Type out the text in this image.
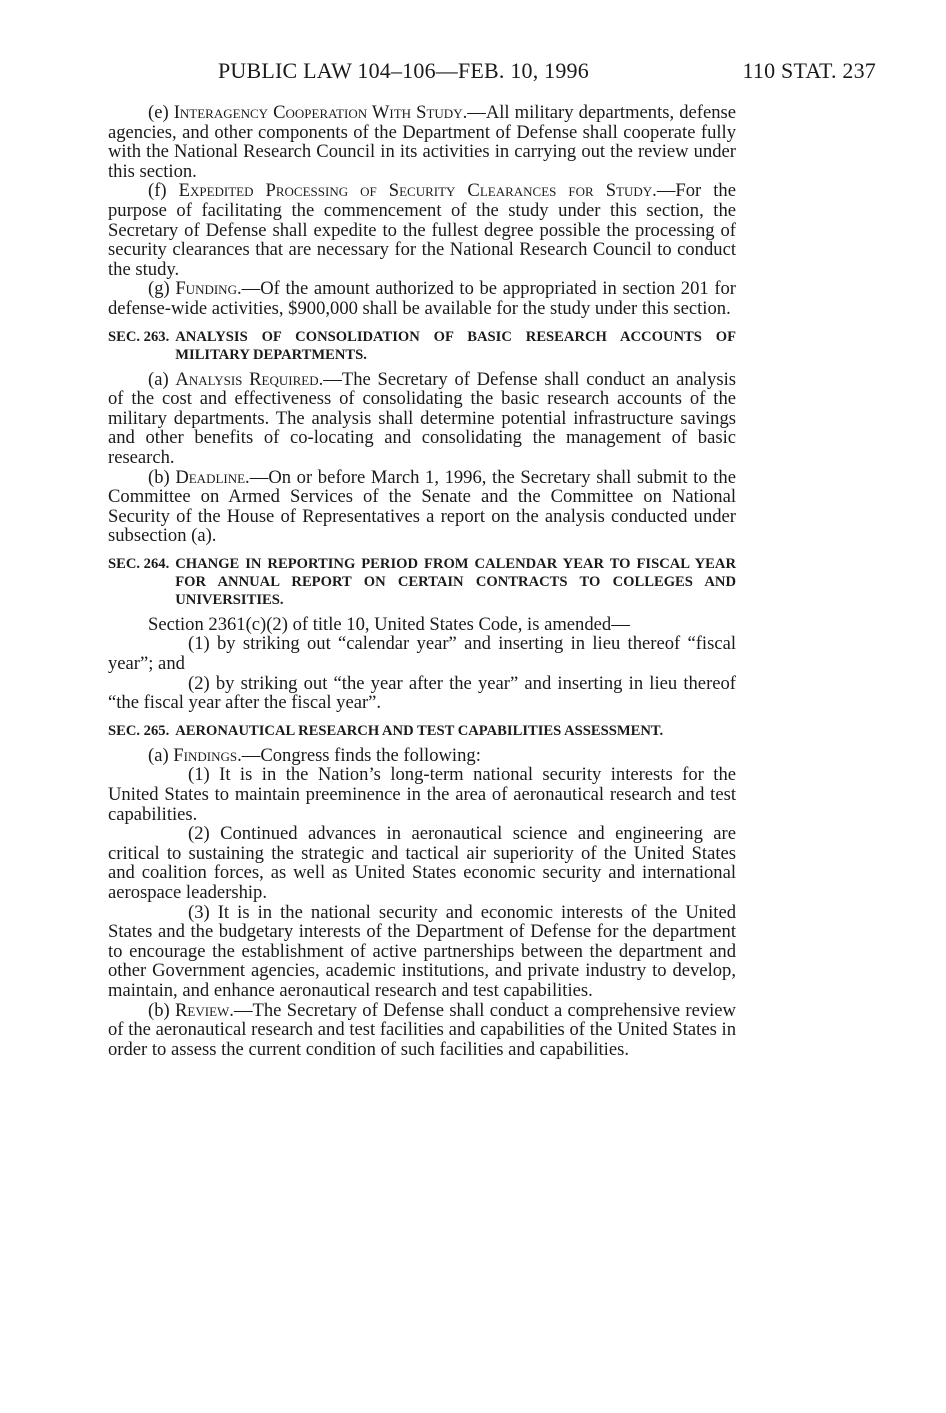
PUBLIC LAW 104–106—FEB. 10, 1996	110 STAT. 237

(e) Interagency Cooperation With Study.—All military departments, defense agencies, and other components of the Department of Defense shall cooperate fully with the National Research Council in its activities in carrying out the review under this section.

(f) Expedited Processing of Security Clearances for Study.—For the purpose of facilitating the commencement of the study under this section, the Secretary of Defense shall expedite to the fullest degree possible the processing of security clearances that are necessary for the National Research Council to conduct the study.

(g) Funding.—Of the amount authorized to be appropriated in section 201 for defense-wide activities, $900,000 shall be available for the study under this section.

SEC. 263. ANALYSIS OF CONSOLIDATION OF BASIC RESEARCH ACCOUNTS OF MILITARY DEPARTMENTS.

(a) Analysis Required.—The Secretary of Defense shall conduct an analysis of the cost and effectiveness of consolidating the basic research accounts of the military departments. The analysis shall determine potential infrastructure savings and other benefits of co-locating and consolidating the management of basic research.

(b) Deadline.—On or before March 1, 1996, the Secretary shall submit to the Committee on Armed Services of the Senate and the Committee on National Security of the House of Representatives a report on the analysis conducted under subsection (a).

SEC. 264. CHANGE IN REPORTING PERIOD FROM CALENDAR YEAR TO FISCAL YEAR FOR ANNUAL REPORT ON CERTAIN CONTRACTS TO COLLEGES AND UNIVERSITIES.

Section 2361(c)(2) of title 10, United States Code, is amended—

(1) by striking out “calendar year” and inserting in lieu thereof “fiscal year”; and

(2) by striking out “the year after the year” and inserting in lieu thereof “the fiscal year after the fiscal year”.

SEC. 265. AERONAUTICAL RESEARCH AND TEST CAPABILITIES ASSESSMENT.

(a) Findings.—Congress finds the following:

(1) It is in the Nation’s long-term national security interests for the United States to maintain preeminence in the area of aeronautical research and test capabilities.

(2) Continued advances in aeronautical science and engineering are critical to sustaining the strategic and tactical air superiority of the United States and coalition forces, as well as United States economic security and international aerospace leadership.

(3) It is in the national security and economic interests of the United States and the budgetary interests of the Department of Defense for the department to encourage the establishment of active partnerships between the department and other Government agencies, academic institutions, and private industry to develop, maintain, and enhance aeronautical research and test capabilities.

(b) Review.—The Secretary of Defense shall conduct a comprehensive review of the aeronautical research and test facilities and capabilities of the United States in order to assess the current condition of such facilities and capabilities.
